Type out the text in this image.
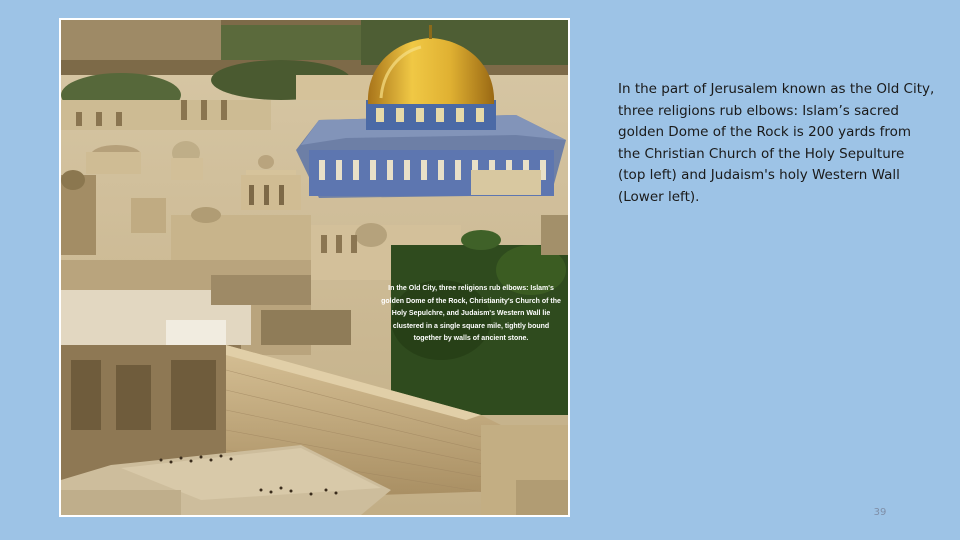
In the Old City, three religions rub elbows: Islam's golden Dome of the Rock, Christianity's Church of the Holy Sepulchre, and Judaism's Western Wall lie clustered in a single square mile, tightly bound together by walls of ancient stone.

In the part of Jerusalem known as the Old City, three religions rub elbows: Islam’s sacred golden Dome of the Rock is 200 yards from the Christian Church of the Holy Sepulture (top left) and Judaism's holy Western Wall (Lower left).

39
